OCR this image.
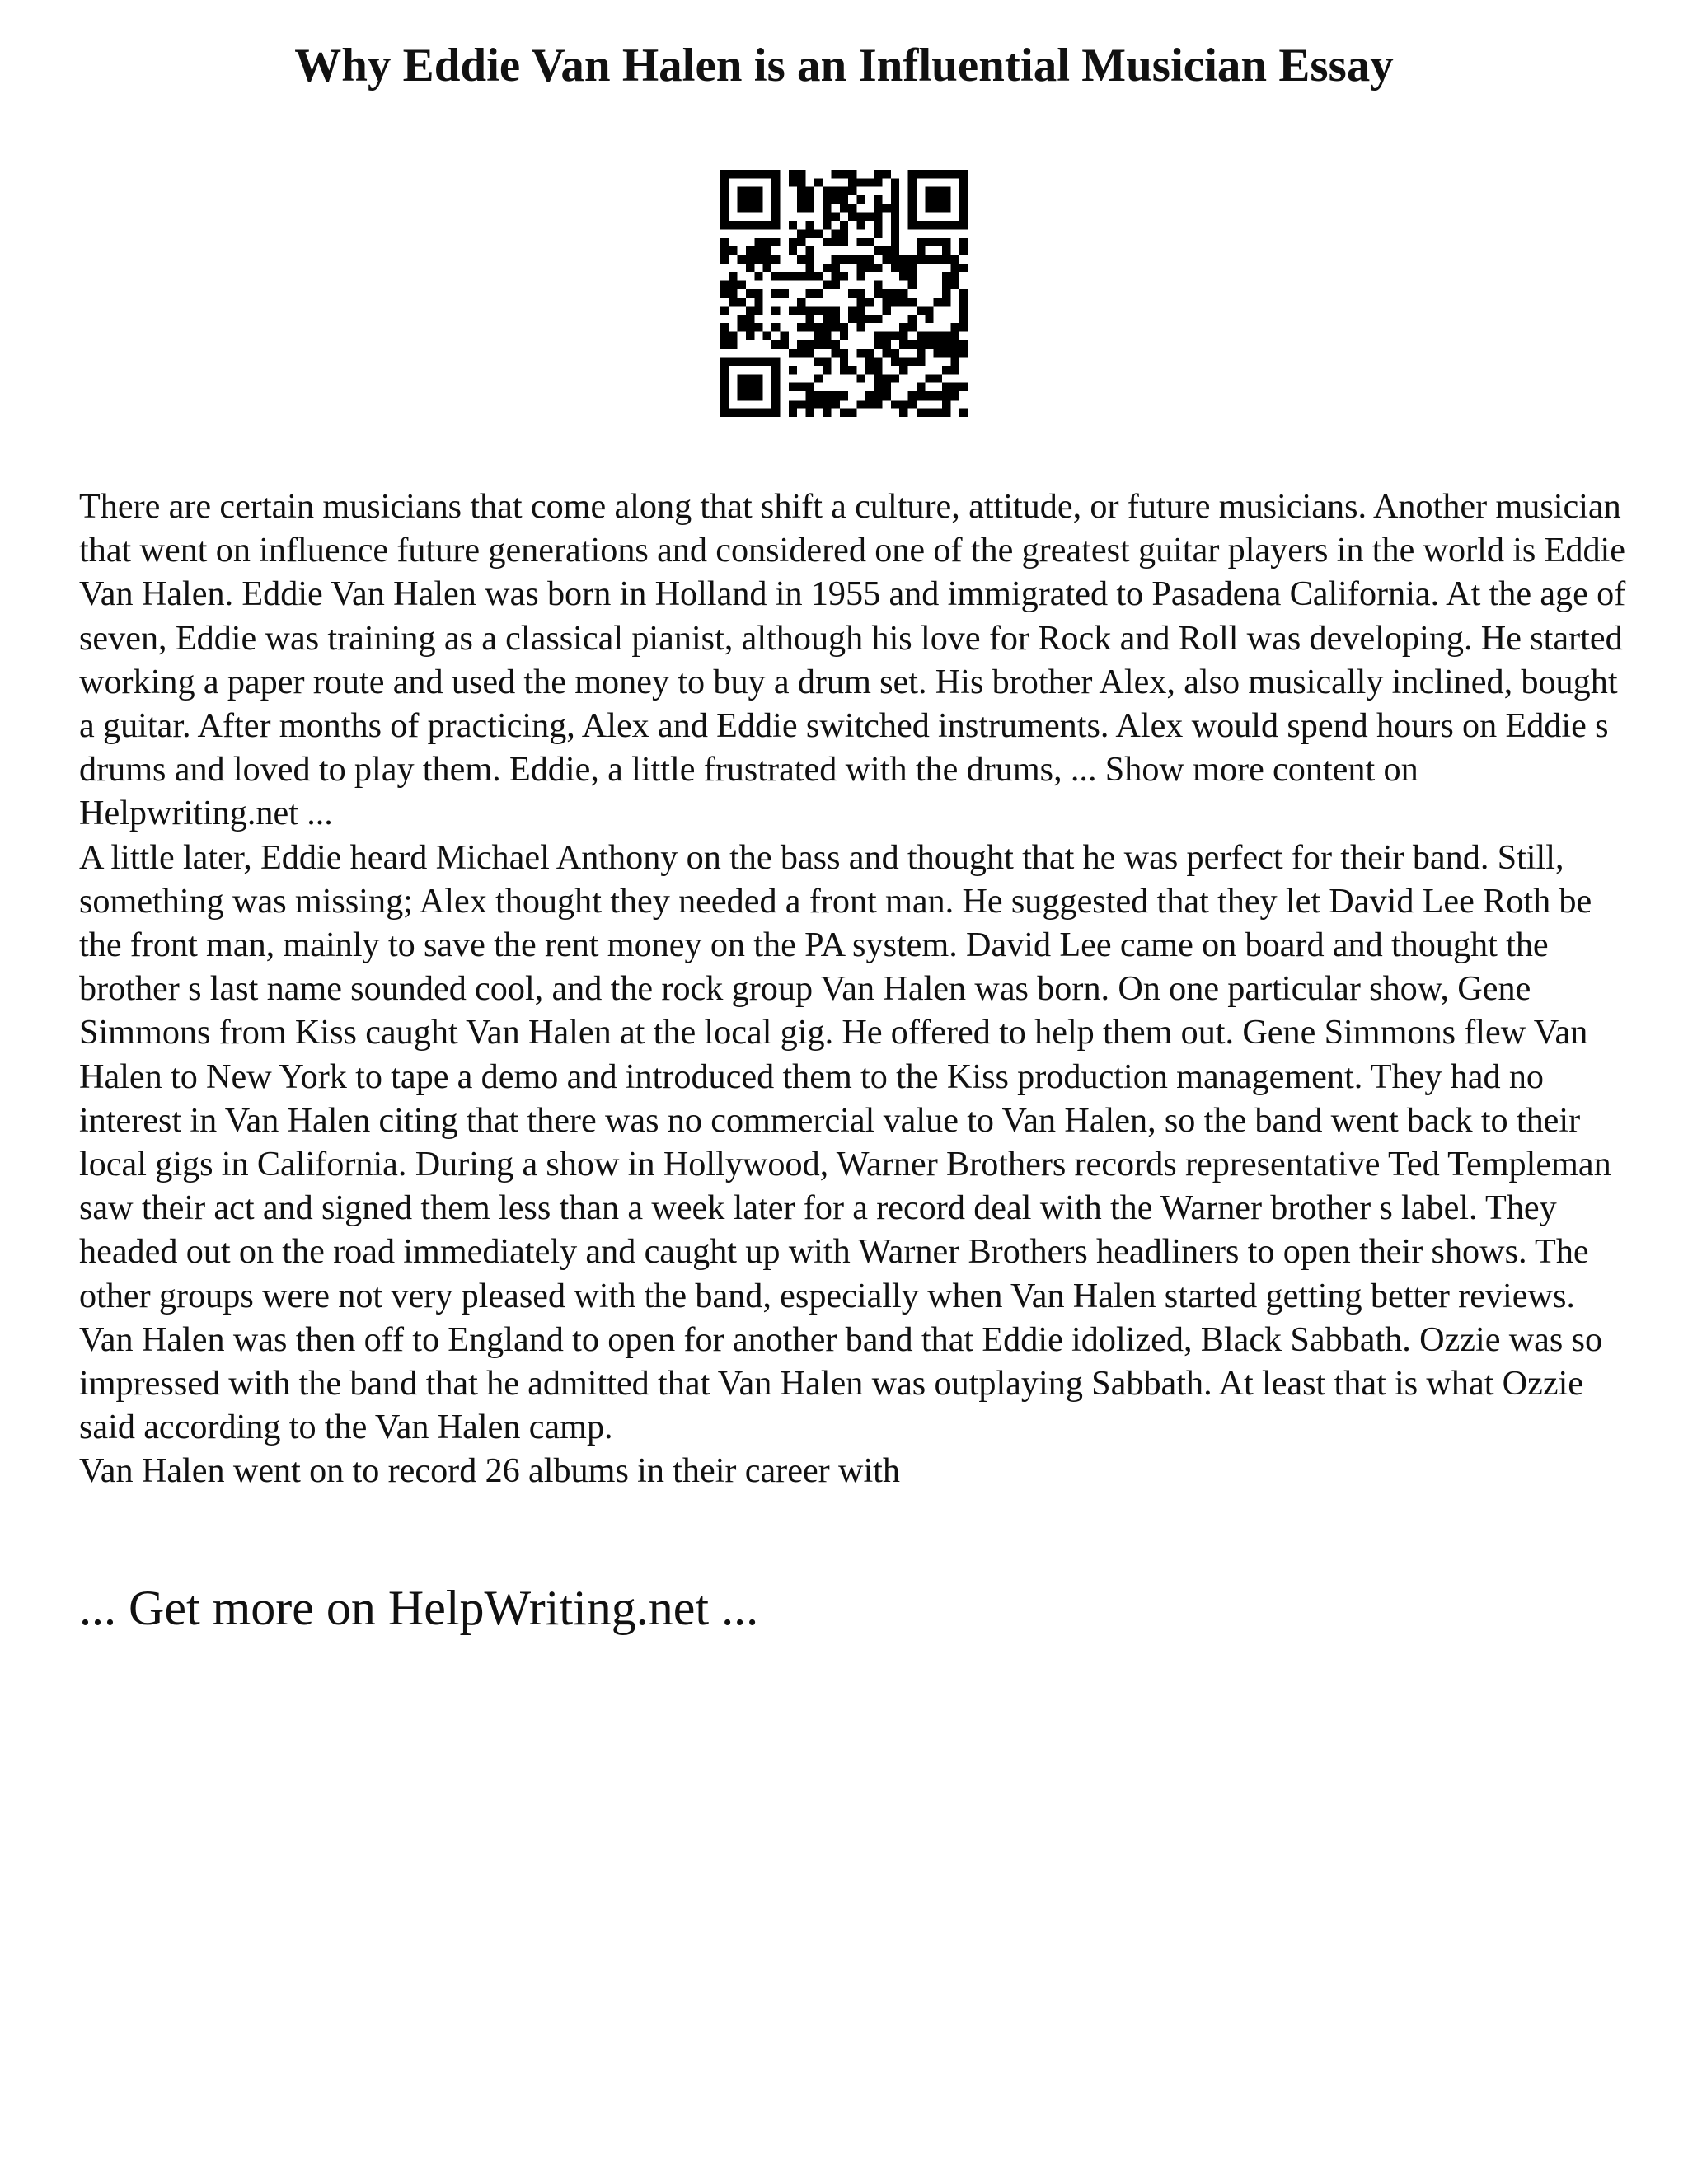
Why Eddie Van Halen is an Influential Musician Essay

There are certain musicians that come along that shift a culture, attitude, or future musicians. Another musician that went on influence future generations and considered one of the greatest guitar players in the world is Eddie Van Halen. Eddie Van Halen was born in Holland in 1955 and immigrated to Pasadena California. At the age of seven, Eddie was training as a classical pianist, although his love for Rock and Roll was developing. He started working a paper route and used the money to buy a drum set. His brother Alex, also musically inclined, bought a guitar. After months of practicing, Alex and Eddie switched instruments. Alex would spend hours on Eddie s drums and loved to play them. Eddie, a little frustrated with the drums, ... Show more content on Helpwriting.net ...

A little later, Eddie heard Michael Anthony on the bass and thought that he was perfect for their band. Still, something was missing; Alex thought they needed a front man. He suggested that they let David Lee Roth be the front man, mainly to save the rent money on the PA system. David Lee came on board and thought the brother s last name sounded cool, and the rock group Van Halen was born. On one particular show, Gene Simmons from Kiss caught Van Halen at the local gig. He offered to help them out. Gene Simmons flew Van Halen to New York to tape a demo and introduced them to the Kiss production management. They had no interest in Van Halen citing that there was no commercial value to Van Halen, so the band went back to their local gigs in California. During a show in Hollywood, Warner Brothers records representative Ted Templeman saw their act and signed them less than a week later for a record deal with the Warner brother s label. They headed out on the road immediately and caught up with Warner Brothers headliners to open their shows. The other groups were not very pleased with the band, especially when Van Halen started getting better reviews. Van Halen was then off to England to open for another band that Eddie idolized, Black Sabbath. Ozzie was so impressed with the band that he admitted that Van Halen was outplaying Sabbath. At least that is what Ozzie said according to the Van Halen camp.

Van Halen went on to record 26 albums in their career with

... Get more on HelpWriting.net ...
